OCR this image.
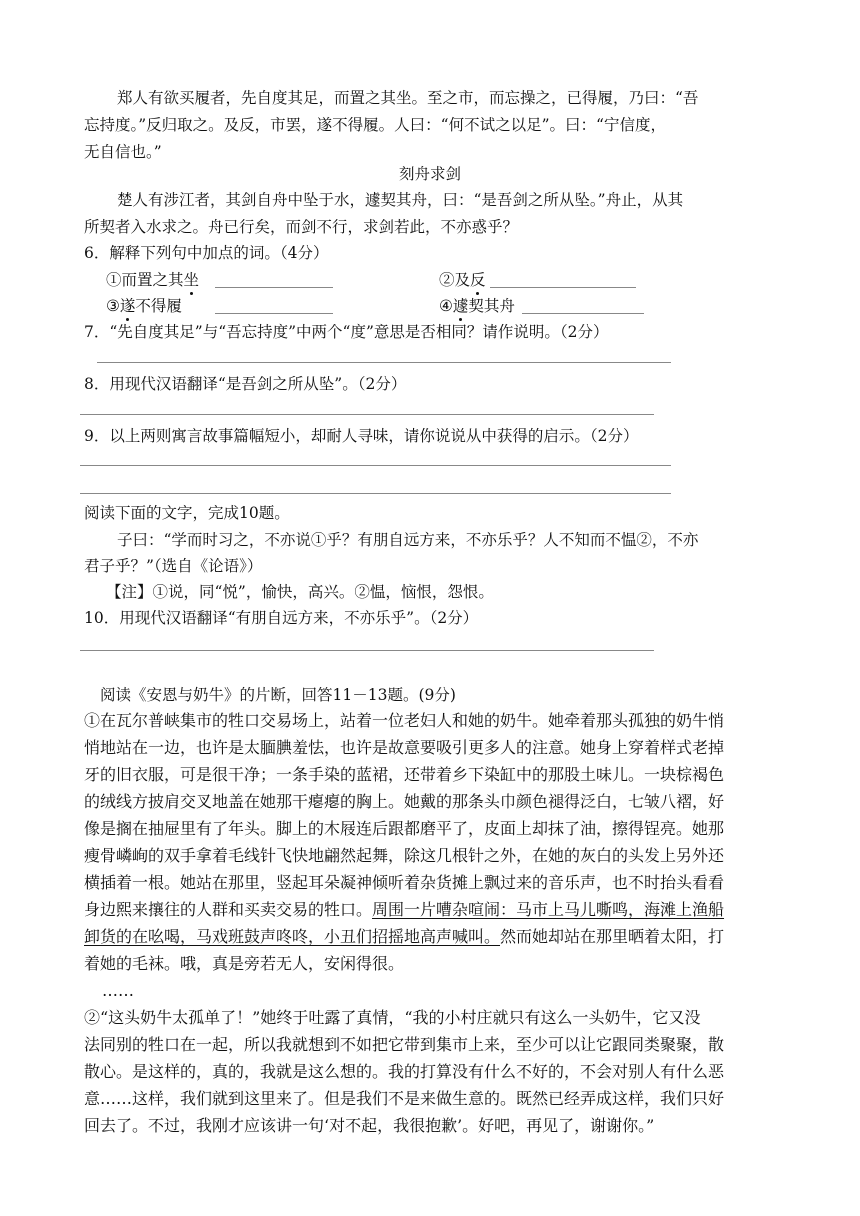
郑人有欲买履者，先自度其足，而置之其坐。至之市，而忘操之，已得履，乃曰：“吾
忘持度。”反归取之。及反，市罢，遂不得履。人曰：“何不试之以足”。曰：“宁信度，
无自信也。”
刻舟求剑
楚人有涉江者，其剑自舟中坠于水，遽契其舟，曰：“是吾剑之所从坠。”舟止，从其
所契者入水求之。舟已行矣，而剑不行，求剑若此，不亦惑乎？
6．解释下列句中加点的词。（4分）
①而置之其坐	②及反
③遂不得履	④遽契其舟
7．“先自度其足”与“吾忘持度”中两个“度”意思是否相同？请作说明。（2分）
8．用现代汉语翻译“是吾剑之所从坠”。（2分）
9．以上两则寓言故事篇幅短小，却耐人寻味，请你说说从中获得的启示。（2分）
阅读下面的文字，完成10题。
子曰：“学而时习之，不亦说①乎？有朋自远方来，不亦乐乎？人不知而不愠②，不亦
君子乎？”（选自《论语》）
【注】①说，同“悦”，愉快，高兴。②愠，恼恨，怨恨。
10．用现代汉语翻译“有朋自远方来，不亦乐乎”。（2分）
阅读《安恩与奶牛》的片断，回答11－13题。(9分)
①在瓦尔普峡集市的牲口交易场上，站着一位老妇人和她的奶牛。她牵着那头孤独的奶牛悄
悄地站在一边，也许是太腼腆羞怯，也许是故意要吸引更多人的注意。她身上穿着样式老掉
牙的旧衣服，可是很干净；一条手染的蓝裙，还带着乡下染缸中的那股土味儿。一块棕褐色
的绒线方披肩交叉地盖在她那干瘪瘪的胸上。她戴的那条头巾颜色褪得泛白，七皱八褶，好
像是搁在抽屉里有了年头。脚上的木屐连后跟都磨平了，皮面上却抹了油，擦得锃亮。她那
瘦骨嶙峋的双手拿着毛线针飞快地翩然起舞，除这几根针之外，在她的灰白的头发上另外还
横插着一根。她站在那里，竖起耳朵凝神倾听着杂货摊上飘过来的音乐声，也不时抬头看看
身边熙来攘往的人群和买卖交易的牲口。周围一片嘈杂喧闹：马市上马儿嘶鸣，海滩上渔船
卸货的在吆喝，马戏班鼓声咚咚，小丑们招摇地高声喊叫。然而她却站在那里晒着太阳，打
着她的毛袜。哦，真是旁若无人，安闲得很。
……
②“这头奶牛太孤单了！”她终于吐露了真情，“我的小村庄就只有这么一头奶牛，它又没
法同别的牲口在一起，所以我就想到不如把它带到集市上来，至少可以让它跟同类聚聚，散
散心。是这样的，真的，我就是这么想的。我的打算没有什么不好的，不会对别人有什么恶
意……这样，我们就到这里来了。但是我们不是来做生意的。既然已经弄成这样，我们只好
回去了。不过，我刚才应该讲一句‘对不起，我很抱歉’。好吧，再见了，谢谢你。”
